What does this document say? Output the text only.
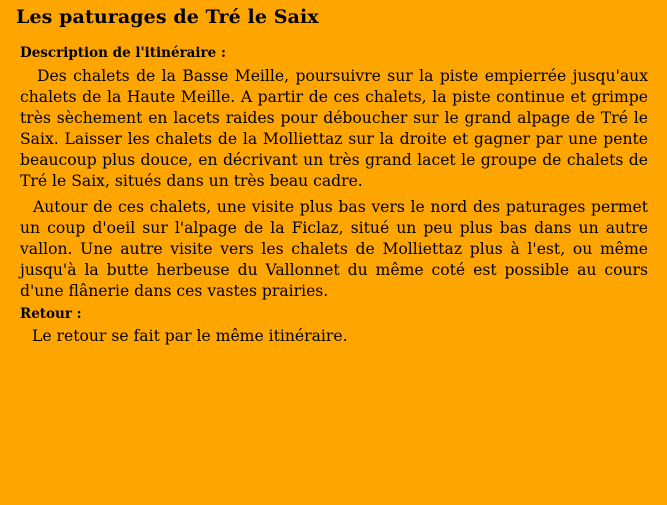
Les paturages de Tré le Saix
Description de l'itinéraire :

Des chalets de la Basse Meille, poursuivre sur la piste empierrée jusqu'aux chalets de la Haute Meille. A partir de ces chalets, la piste continue et grimpe très sèchement en lacets raides pour déboucher sur le grand alpage de Tré le Saix. Laisser les chalets de la Molliettaz sur la droite et gagner par une pente beaucoup plus douce, en décrivant un très grand lacet le groupe de chalets de Tré le Saix, situés dans un très beau cadre.

Autour de ces chalets, une visite plus bas vers le nord des paturages permet un coup d'oeil sur l'alpage de la Ficlaz, situé un peu plus bas dans un autre vallon. Une autre visite vers les chalets de Molliettaz plus à l'est, ou même jusqu'à la butte herbeuse du Vallonnet du même coté est possible au cours d'une flânerie dans ces vastes prairies.

Retour :

Le retour se fait par le même itinéraire.
